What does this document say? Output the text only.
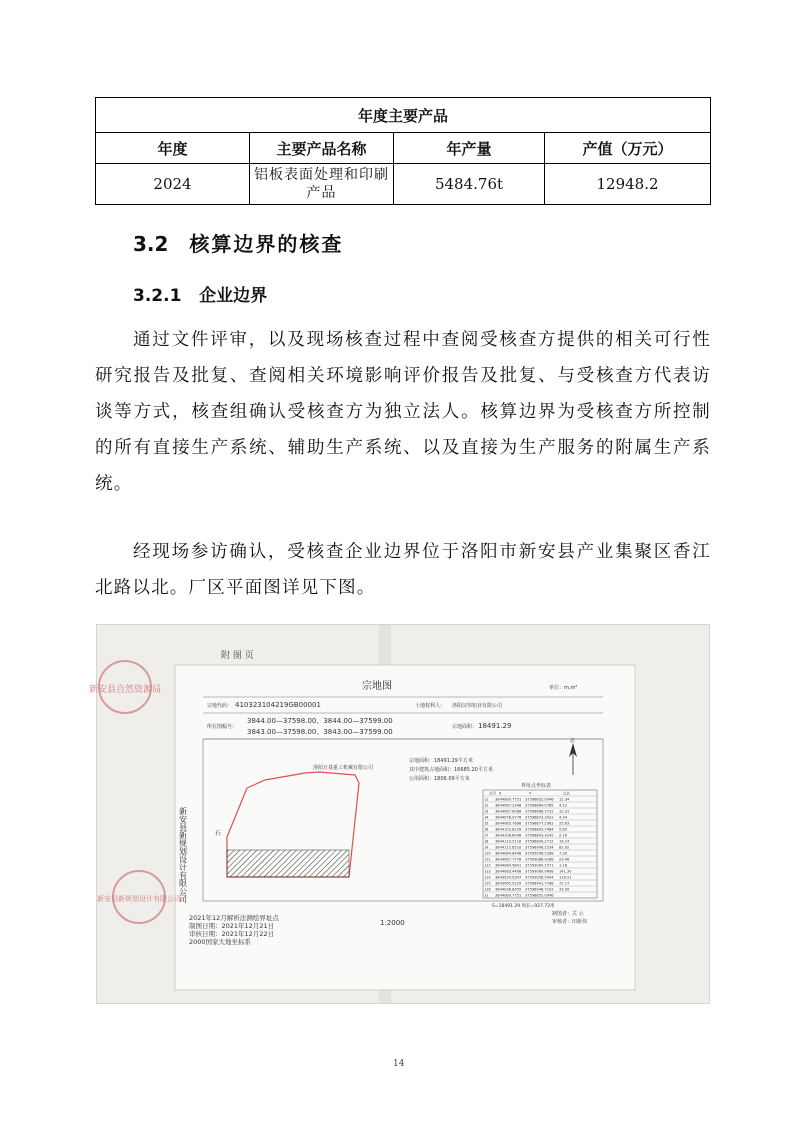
年度主要产品			
年度	主要产品名称	年产量	产值（万元）
2024	铝板表面处理和印刷产品	5484.76t	12948.2
3.2 核算边界的核查
3.2.1 企业边界
通过文件评审，以及现场核查过程中查阅受核查方提供的相关可行性研究报告及批复、查阅相关环境影响评价报告及批复、与受核查方代表访谈等方式，核查组确认受核查方为独立法人。核算边界为受核查方所控制的所有直接生产系统、辅助生产系统、以及直接为生产服务的附属生产系统。
经现场参访确认，受核查企业边界位于洛阳市新安县产业集聚区香江北路以北。厂区平面图详见下图。
新安县自然资源局
附 图 页
宗地图	单位：m,m²
宗地代码： 410323104219GB00001	土地权利人： 洛阳汉伟铝业有限公司
所在图幅号：
3844.00—37598.00、3844.00—37599.00
3843.00—37598.00、3843.00—37599.00
宗地面积： 18491.29
宗地面积：18491.29平方米
其中建筑占地面积：16685.20平方米
公用面积：1806.09平方米
北
洛阳万基重工机械有限公司
石
界址点坐标表
点号 X	Y	边长
J1 3844089.7751 37598852.0046 12.34
J2 3844087.2348 37598864.0785 4.12
J3 3844087.8088 37598868.1722 12.31
J4 3844078.9776 37598873.3422 4.34
J5 3844085.7698 37598877.2962 25.83
J6 3844102.8239 37598893.7484 5.80
J7 3844108.6048 37598893.3242 2.16
J8 3844110.5118 37598899.2712 19.14
J9 3844112.8510 37598906.2534 82.92
J10 3844084.8448 37599098.5288 7.30
J11 3844087.7778 37599088.9188 23.48
J12 3844084.5841 37599090.1571 1.16
J13 3844083.4408 37599089.9608 141.30
J14 3843939.5347 37599058.5404 118.51
J15 3843965.0129 37598941.7788 72.17
J16 3844036.8455 37598948.7102 33.09
J1 3844089.7751 37598852.0046
S=18491.29 周长=927.73米
制图者：关 云
审核者：田新伟
新安县新规划设计有限公司
新安县新规划设计有限公司
2021年12月解析法测绘界址点
制图日期：2021年12月21日
审核日期：2021年12月22日
2000国家大地坐标系
1:2000
14
